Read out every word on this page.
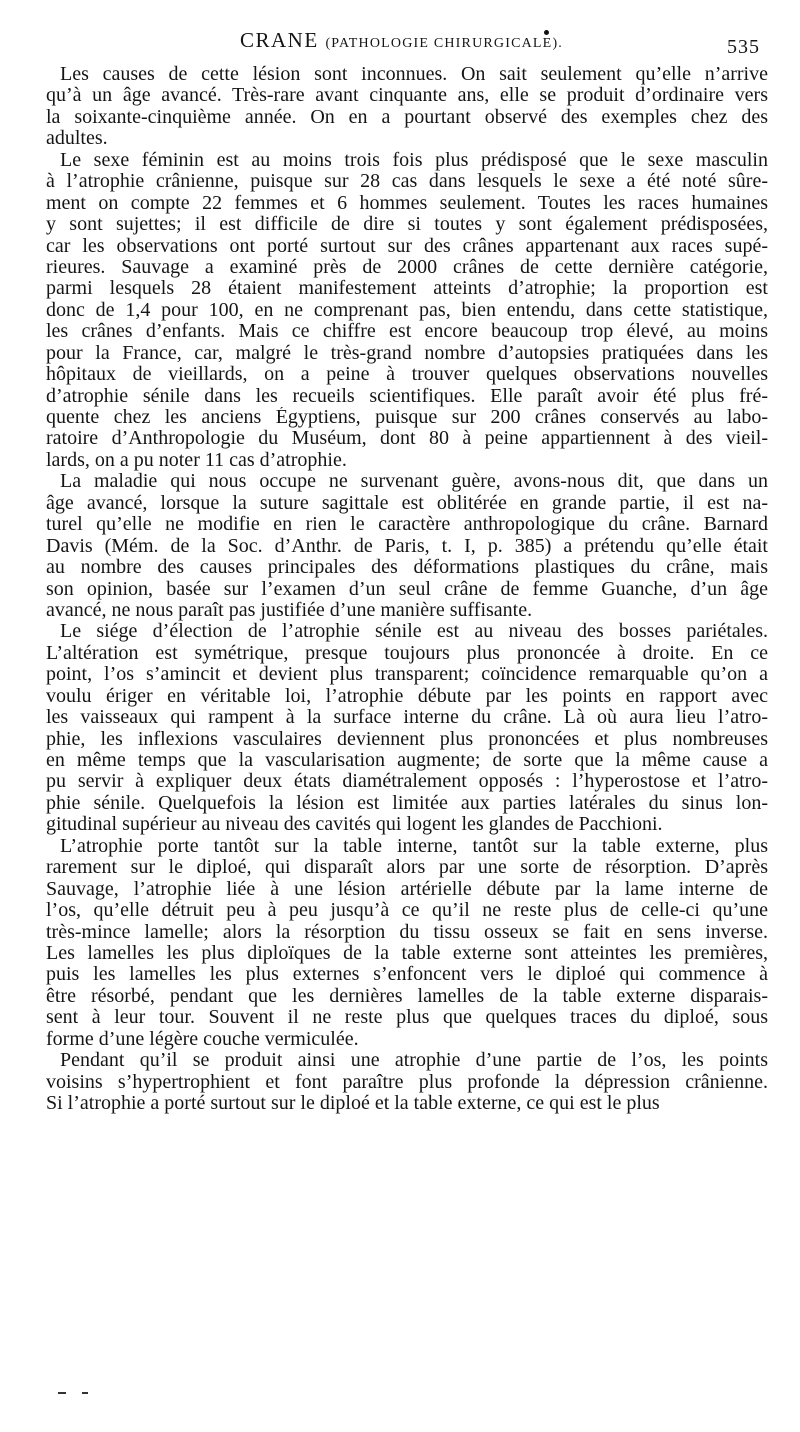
CRANE (PATHOLOGIE CHIRURGICALE).	535
Les causes de cette lésion sont inconnues. On sait seulement qu’elle n’arrive
qu’à un âge avancé. Très-rare avant cinquante ans, elle se produit d’ordinaire vers
la soixante-cinquième année. On en a pourtant observé des exemples chez des
adultes.
Le sexe féminin est au moins trois fois plus prédisposé que le sexe masculin
à l’atrophie crânienne, puisque sur 28 cas dans lesquels le sexe a été noté sûre-
ment on compte 22 femmes et 6 hommes seulement. Toutes les races humaines
y sont sujettes; il est difficile de dire si toutes y sont également prédisposées,
car les observations ont porté surtout sur des crânes appartenant aux races supé-
rieures. Sauvage a examiné près de 2000 crânes de cette dernière catégorie,
parmi lesquels 28 étaient manifestement atteints d’atrophie; la proportion est
donc de 1,4 pour 100, en ne comprenant pas, bien entendu, dans cette statistique,
les crânes d’enfants. Mais ce chiffre est encore beaucoup trop élevé, au moins
pour la France, car, malgré le très-grand nombre d’autopsies pratiquées dans les
hôpitaux de vieillards, on a peine à trouver quelques observations nouvelles
d’atrophie sénile dans les recueils scientifiques. Elle paraît avoir été plus fré-
quente chez les anciens Égyptiens, puisque sur 200 crânes conservés au labo-
ratoire d’Anthropologie du Muséum, dont 80 à peine appartiennent à des vieil-
lards, on a pu noter 11 cas d’atrophie.
La maladie qui nous occupe ne survenant guère, avons-nous dit, que dans un
âge avancé, lorsque la suture sagittale est oblitérée en grande partie, il est na-
turel qu’elle ne modifie en rien le caractère anthropologique du crâne. Barnard
Davis (Mém. de la Soc. d’Anthr. de Paris, t. I, p. 385) a prétendu qu’elle était
au nombre des causes principales des déformations plastiques du crâne, mais
son opinion, basée sur l’examen d’un seul crâne de femme Guanche, d’un âge
avancé, ne nous paraît pas justifiée d’une manière suffisante.
Le siége d’élection de l’atrophie sénile est au niveau des bosses pariétales.
L’altération est symétrique, presque toujours plus prononcée à droite. En ce
point, l’os s’amincit et devient plus transparent; coïncidence remarquable qu’on a
voulu ériger en véritable loi, l’atrophie débute par les points en rapport avec
les vaisseaux qui rampent à la surface interne du crâne. Là où aura lieu l’atro-
phie, les inflexions vasculaires deviennent plus prononcées et plus nombreuses
en même temps que la vascularisation augmente; de sorte que la même cause a
pu servir à expliquer deux états diamétralement opposés : l’hyperostose et l’atro-
phie sénile. Quelquefois la lésion est limitée aux parties latérales du sinus lon-
gitudinal supérieur au niveau des cavités qui logent les glandes de Pacchioni.
L’atrophie porte tantôt sur la table interne, tantôt sur la table externe, plus
rarement sur le diploé, qui disparaît alors par une sorte de résorption. D’après
Sauvage, l’atrophie liée à une lésion artérielle débute par la lame interne de
l’os, qu’elle détruit peu à peu jusqu’à ce qu’il ne reste plus de celle-ci qu’une
très-mince lamelle; alors la résorption du tissu osseux se fait en sens inverse.
Les lamelles les plus diploïques de la table externe sont atteintes les premières,
puis les lamelles les plus externes s’enfoncent vers le diploé qui commence à
être résorbé, pendant que les dernières lamelles de la table externe disparais-
sent à leur tour. Souvent il ne reste plus que quelques traces du diploé, sous
forme d’une légère couche vermiculée.
Pendant qu’il se produit ainsi une atrophie d’une partie de l’os, les points
voisins s’hypertrophient et font paraître plus profonde la dépression crânienne.
Si l’atrophie a porté surtout sur le diploé et la table externe, ce qui est le plus
